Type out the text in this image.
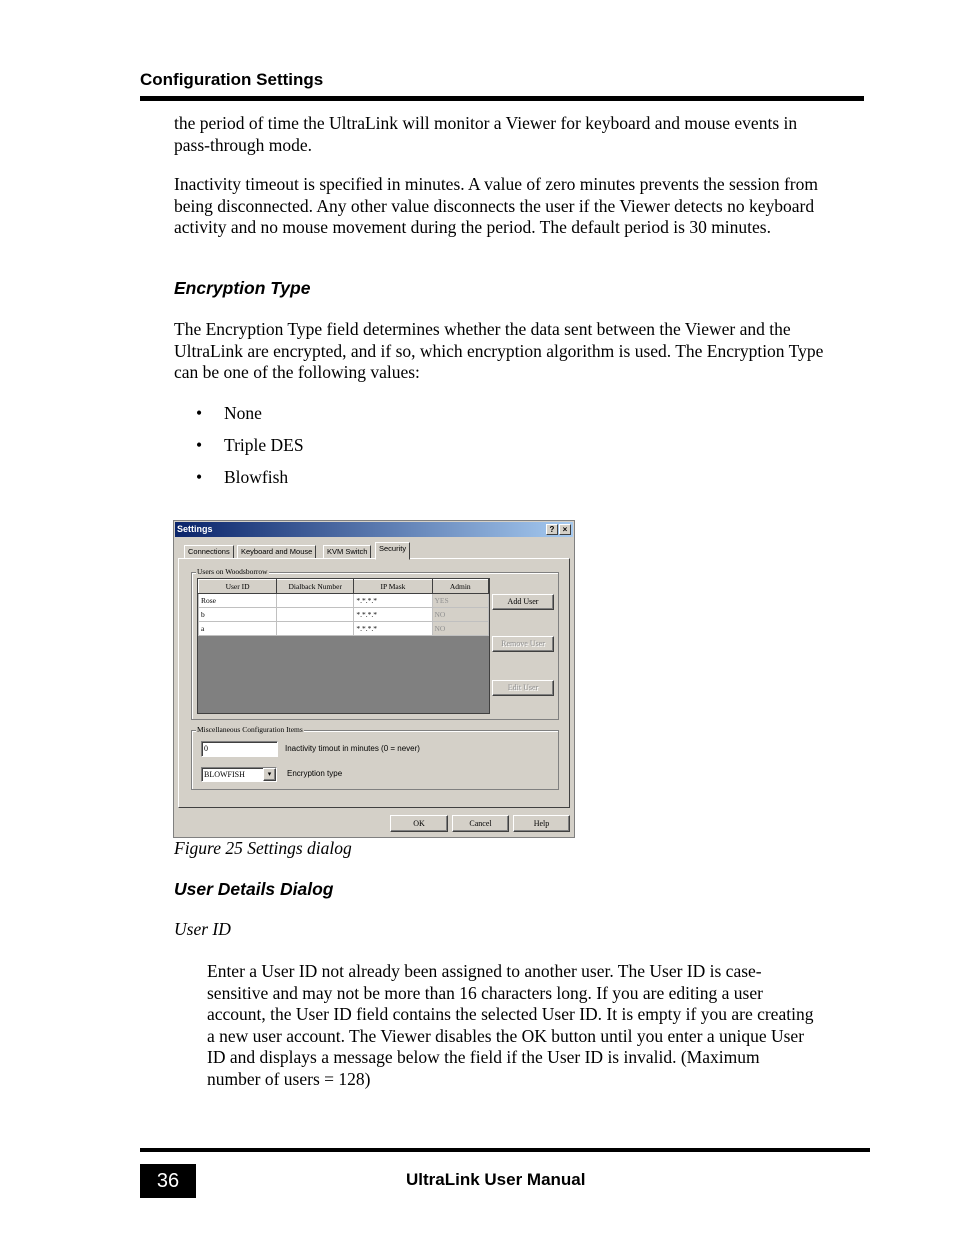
Configuration Settings
the period of time the UltraLink will monitor a Viewer for keyboard and mouse events in pass-through mode.
Inactivity timeout is specified in minutes. A value of zero minutes prevents the session from being disconnected. Any other value disconnects the user if the Viewer detects no keyboard activity and no mouse movement during the period. The default period is 30 minutes.
Encryption Type
The Encryption Type field determines whether the data sent between the Viewer and the UltraLink are encrypted, and if so, which encryption algorithm is used. The Encryption Type can be one of the following values:
•	None
•	Triple DES
•	Blowfish
Settings	?	×
Connections	Keyboard and Mouse	KVM Switch	Security
Users on Woodsborrow
User ID	Dialback Number	IP Mask	Admin
Rose		*.*.*.*	YES
b		*.*.*.*	NO
a		*.*.*.*	NO
Add User
Remove User
Edit User
Miscellaneous Configuration Items
0	Inactivity timout in minutes (0 = never)
BLOWFISH	▾	Encryption type
OK	Cancel	Help
Figure 25 Settings dialog
User Details Dialog
User ID
Enter a User ID not already been assigned to another user. The User ID is case-sensitive and may not be more than 16 characters long. If you are editing a user account, the User ID field contains the selected User ID. It is empty if you are creating a new user account. The Viewer disables the OK button until you enter a unique User ID and displays a message below the field if the User ID is invalid. (Maximum number of users = 128)
36	UltraLink User Manual
